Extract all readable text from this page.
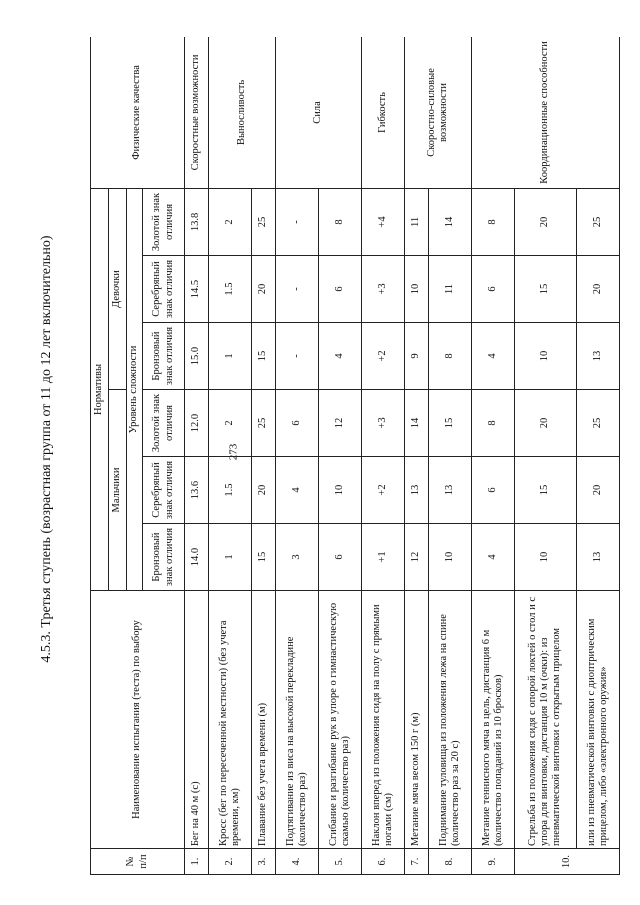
273
4.5.3. Третья ступень (возрастная группа от 11 до 12 лет включительно)
№ п/п	Наименование испытания (теста) по выбору	Нормативы						Физические качества
		Мальчики			Девочки			
		Уровень сложности						
		Бронзовый знак отличия	Серебряный знак отличия	Золотой знак отличия	Бронзовый знак отличия	Серебряный знак отличия	Золотой знак отличия	
1.	Бег на 40 м (с)	14.0	13.6	12.0	15.0	14.5	13.8	Скоростные возможности
2.	Кросс (бег по пересеченной местности) (без учета времени, км)	1	1.5	2	1	1.5	2	Выносливость
3.	Плавание без учета времени (м)	15	20	25	15	20	25	
4.	Подтягивание из виса на высокой перекладине (количество раз)	3	4	6	-	-	-	Сила
5.	Сгибание и разгибание рук в упоре о гимнастическую скамью (количество раз)	6	10	12	4	6	8	
6.	Наклон вперед из положения сидя на полу с прямыми ногами (см)	+1	+2	+3	+2	+3	+4	Гибкость
7.	Метание мяча весом 150 г (м)	12	13	14	9	10	11	Скоростно-силовые возможности
8.	Поднимание туловища из положения лежа на спине (количество раз за 20 с)	10	13	15	8	11	14	
9.	Метание теннисного мяча в цель, дистанция 6 м (количество попаданий из 10 бросков)	4	6	8	4	6	8	Координационные способности
10.	Стрельба из положения сидя с опорой локтей о стол и с упора для винтовки, дистанция 10 м (очки): из пневматической винтовки с открытым прицелом	10	15	20	10	15	20	
	или из пневматической винтовки с диоптрическим прицелом, либо «электронного оружия»	13	20	25	13	20	25	
